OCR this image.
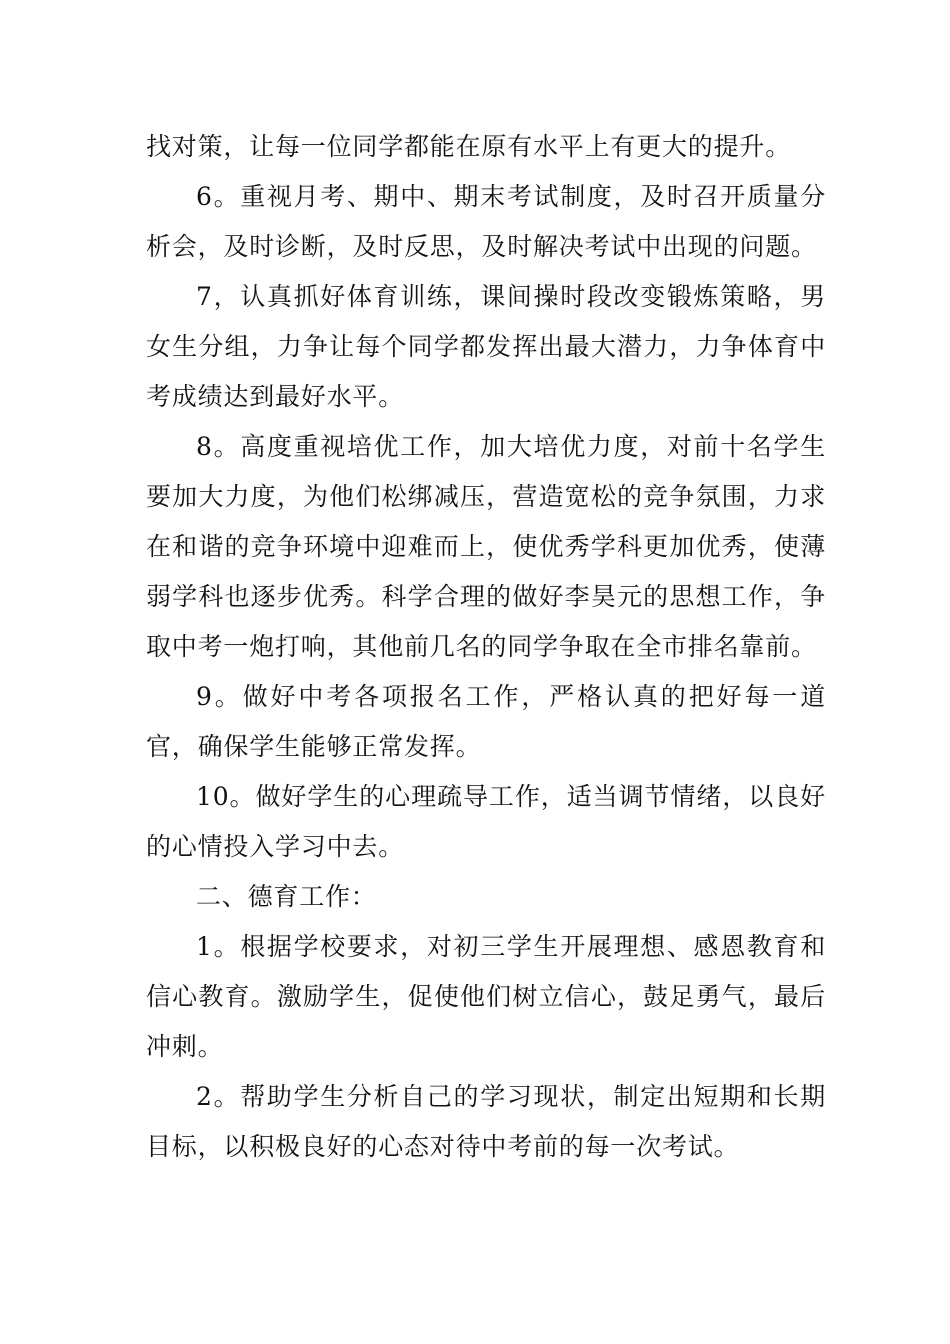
找对策，让每一位同学都能在原有水平上有更大的提升。

6。重视月考、期中、期末考试制度，及时召开质量分析会，及时诊断，及时反思，及时解决考试中出现的问题。

7，认真抓好体育训练，课间操时段改变锻炼策略，男女生分组，力争让每个同学都发挥出最大潜力，力争体育中考成绩达到最好水平。

8。高度重视培优工作，加大培优力度，对前十名学生要加大力度，为他们松绑减压，营造宽松的竞争氛围，力求在和谐的竞争环境中迎难而上，使优秀学科更加优秀，使薄弱学科也逐步优秀。科学合理的做好李昊元的思想工作，争取中考一炮打响，其他前几名的同学争取在全市排名靠前。

9。做好中考各项报名工作，严格认真的把好每一道官，确保学生能够正常发挥。

10。做好学生的心理疏导工作，适当调节情绪，以良好的心情投入学习中去。

二、德育工作：

1。根据学校要求，对初三学生开展理想、感恩教育和信心教育。激励学生，促使他们树立信心，鼓足勇气，最后冲刺。

2。帮助学生分析自己的学习现状，制定出短期和长期目标，以积极良好的心态对待中考前的每一次考试。
